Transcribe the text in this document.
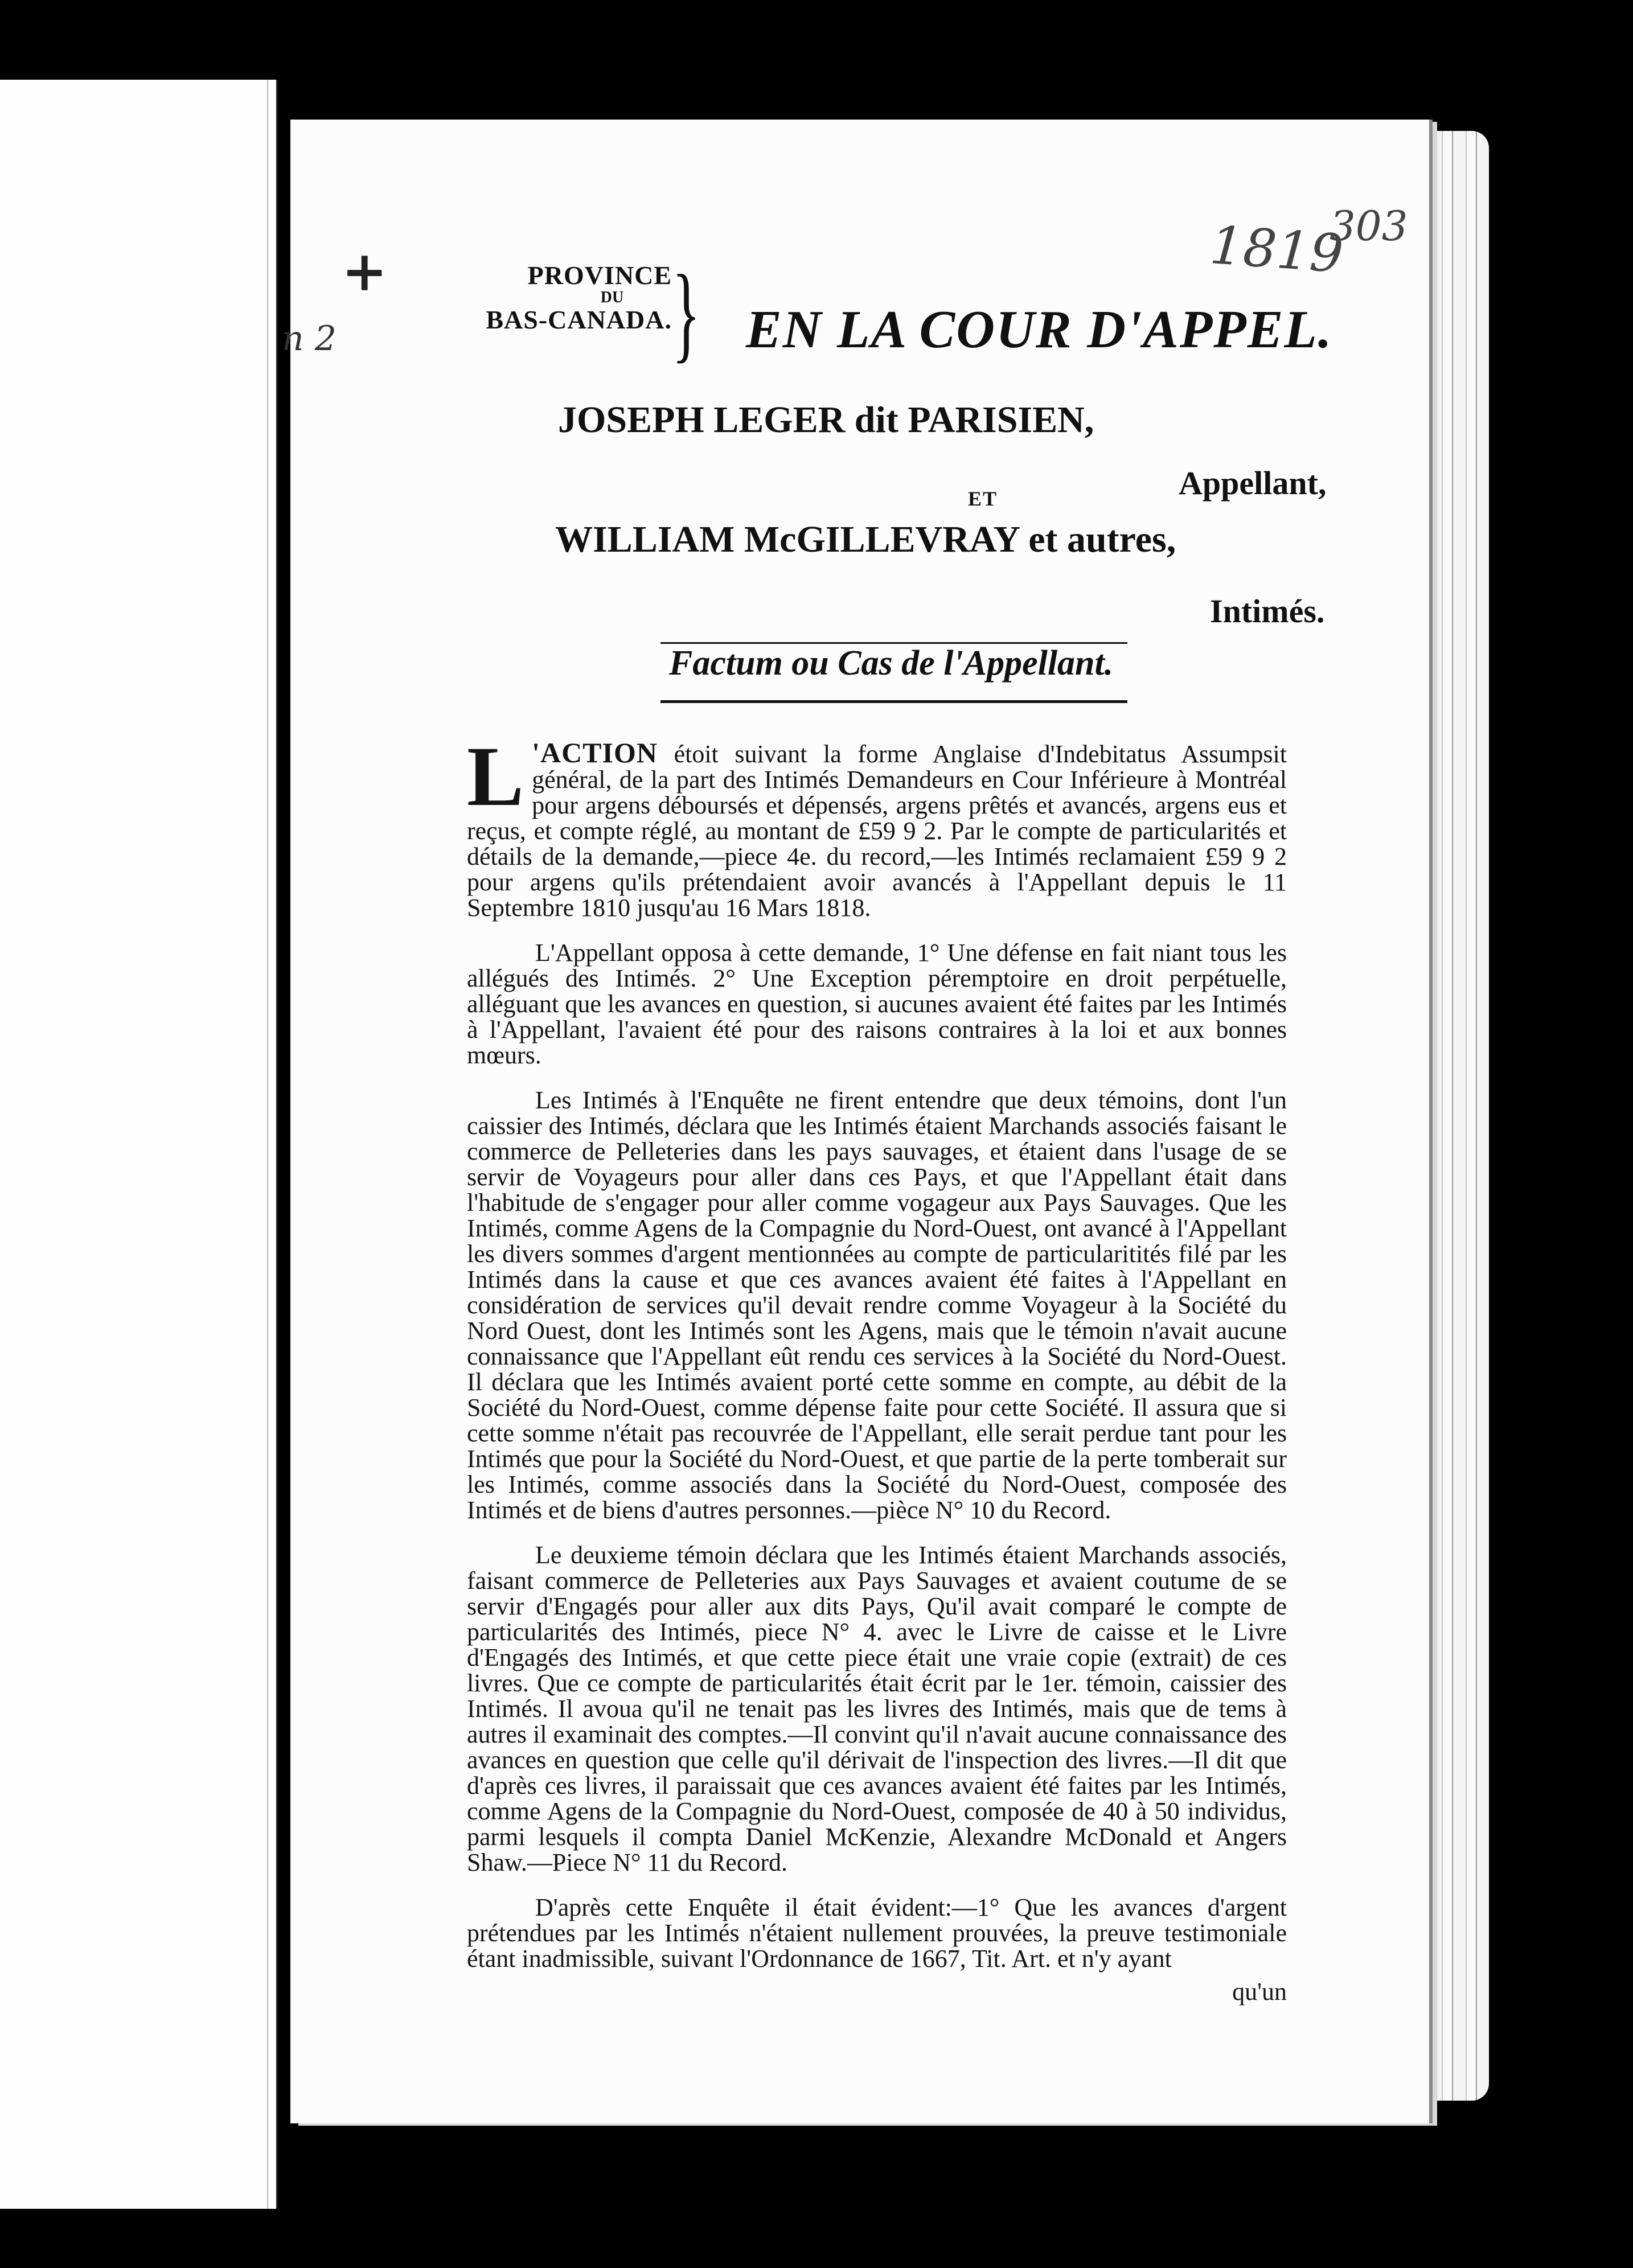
+
n 2
1819
303
PROVINCE
DU
BAS-CANADA. } EN LA COUR D'APPEL.
JOSEPH LEGER dit PARISIEN,
Appellant,
ET
WILLIAM McGILLEVRAY et autres,
Intimés.
Factum ou Cas de l'Appellant.

L 'ACTION étoit suivant la forme Anglaise d'Indebitatus Assumpsit général, de la part des Intimés Demandeurs en Cour Inférieure à Montréal pour argens déboursés et dépensés, argens prêtés et avancés, argens eus et reçus, et compte réglé, au montant de £59 9 2. Par le compte de particularités et détails de la demande,—piece 4e. du record,—les Intimés reclamaient £59 9 2 pour argens qu'ils prétendaient avoir avancés à l'Appellant depuis le 11 Septembre 1810 jusqu'au 16 Mars 1818.

L'Appellant opposa à cette demande, 1° Une défense en fait niant tous les allégués des Intimés. 2° Une Exception péremptoire en droit perpétuelle, alléguant que les avances en question, si aucunes avaient été faites par les Intimés à l'Appellant, l'avaient été pour des raisons contraires à la loi et aux bonnes mœurs.

Les Intimés à l'Enquête ne firent entendre que deux témoins, dont l'un caissier des Intimés, déclara que les Intimés étaient Marchands associés faisant le commerce de Pelleteries dans les pays sauvages, et étaient dans l'usage de se servir de Voyageurs pour aller dans ces Pays, et que l'Appellant était dans l'habitude de s'engager pour aller comme vogageur aux Pays Sauvages. Que les Intimés, comme Agens de la Compagnie du Nord-Ouest, ont avancé à l'Appellant les divers sommes d'argent mentionnées au compte de particularitités filé par les Intimés dans la cause et que ces avances avaient été faites à l'Appellant en considération de services qu'il devait rendre comme Voyageur à la Société du Nord Ouest, dont les Intimés sont les Agens, mais que le témoin n'avait aucune connaissance que l'Appellant eût rendu ces services à la Société du Nord-Ouest. Il déclara que les Intimés avaient porté cette somme en compte, au débit de la Société du Nord-Ouest, comme dépense faite pour cette Société. Il assura que si cette somme n'était pas recouvrée de l'Appellant, elle serait perdue tant pour les Intimés que pour la Société du Nord-Ouest, et que partie de la perte tomberait sur les Intimés, comme associés dans la Société du Nord-Ouest, composée des Intimés et de biens d'autres personnes.—pièce N° 10 du Record.

Le deuxieme témoin déclara que les Intimés étaient Marchands associés, faisant commerce de Pelleteries aux Pays Sauvages et avaient coutume de se servir d'Engagés pour aller aux dits Pays, Qu'il avait comparé le compte de particularités des Intimés, piece N° 4. avec le Livre de caisse et le Livre d'Engagés des Intimés, et que cette piece était une vraie copie (extrait) de ces livres. Que ce compte de particularités était écrit par le 1er. témoin, caissier des Intimés. Il avoua qu'il ne tenait pas les livres des Intimés, mais que de tems à autres il examinait des comptes.—Il convint qu'il n'avait aucune connaissance des avances en question que celle qu'il dérivait de l'inspection des livres.—Il dit que d'après ces livres, il paraissait que ces avances avaient été faites par les Intimés, comme Agens de la Compagnie du Nord-Ouest, composée de 40 à 50 individus, parmi lesquels il compta Daniel McKenzie, Alexandre McDonald et Angers Shaw.—Piece N° 11 du Record.

D'après cette Enquête il était évident:—1° Que les avances d'argent prétendues par les Intimés n'étaient nullement prouvées, la preuve testimoniale étant inadmissible, suivant l'Ordonnance de 1667, Tit. Art. et n'y ayant
qu'un
